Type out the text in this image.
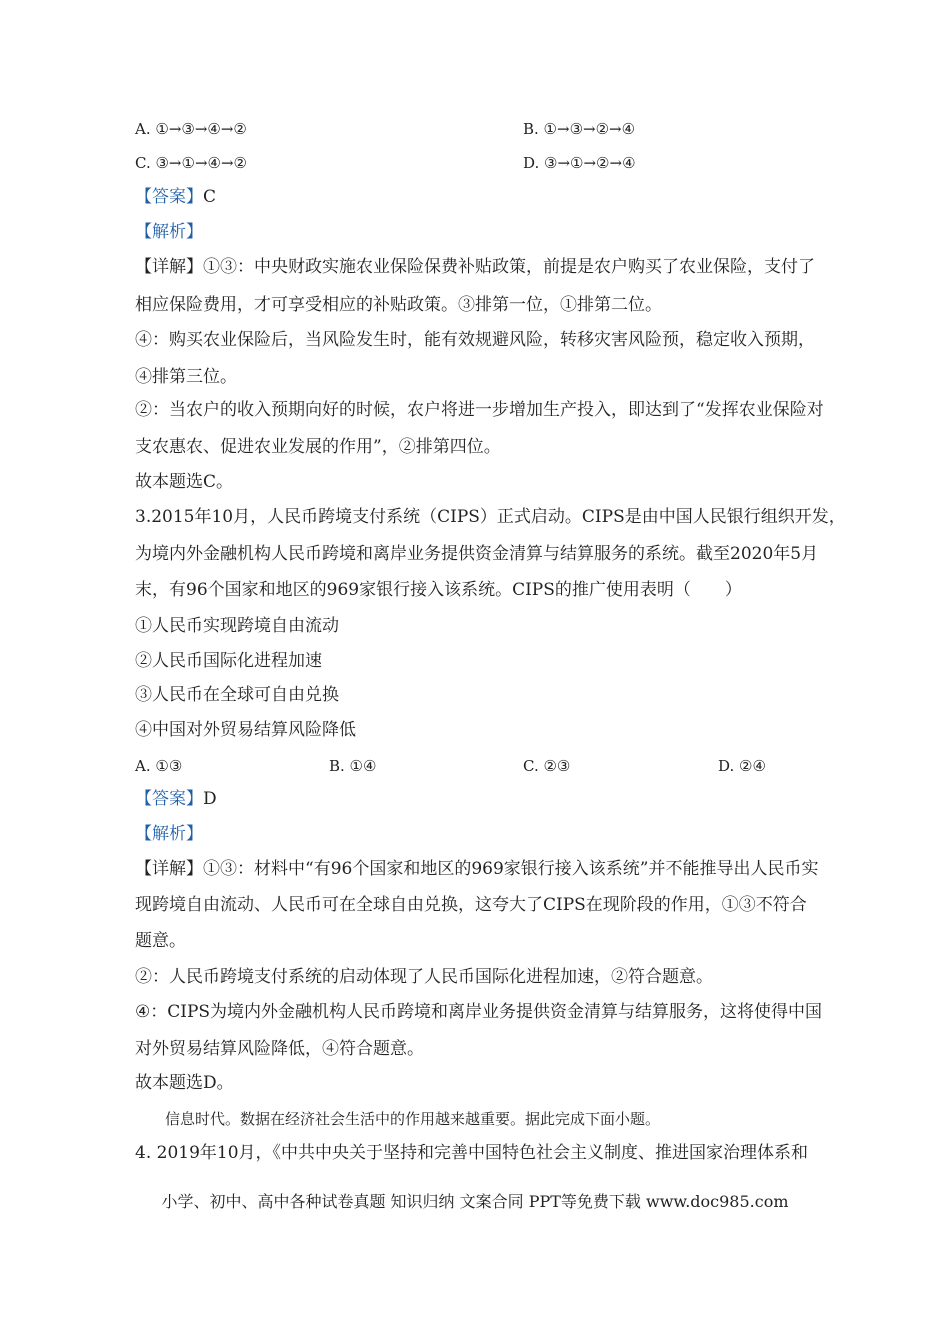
A. ①→③→④→②	B. ①→③→②→④
C. ③→①→④→②	D. ③→①→②→④
【答案】C
【解析】
【详解】①③：中央财政实施农业保险保费补贴政策，前提是农户购买了农业保险，支付了
相应保险费用，才可享受相应的补贴政策。③排第一位，①排第二位。
④：购买农业保险后，当风险发生时，能有效规避风险，转移灾害风险预，稳定收入预期，
④排第三位。
②：当农户的收入预期向好的时候，农户将进一步增加生产投入，即达到了“发挥农业保险对
支农惠农、促进农业发展的作用”，②排第四位。
故本题选C。
3.2015年10月，人民币跨境支付系统（CIPS）正式启动。CIPS是由中国人民银行组织开发，
为境内外金融机构人民币跨境和离岸业务提供资金清算与结算服务的系统。截至2020年5月
末，有96个国家和地区的969家银行接入该系统。CIPS的推广使用表明（　　）
①人民币实现跨境自由流动
②人民币国际化进程加速
③人民币在全球可自由兑换
④中国对外贸易结算风险降低
A. ①③	B. ①④	C. ②③	D. ②④
【答案】D
【解析】
【详解】①③：材料中“有96个国家和地区的969家银行接入该系统”并不能推导出人民币实
现跨境自由流动、人民币可在全球自由兑换，这夸大了CIPS在现阶段的作用，①③不符合
题意。
②：人民币跨境支付系统的启动体现了人民币国际化进程加速，②符合题意。
④：CIPS为境内外金融机构人民币跨境和离岸业务提供资金清算与结算服务，这将使得中国
对外贸易结算风险降低，④符合题意。
故本题选D。
信息时代。数据在经济社会生活中的作用越来越重要。据此完成下面小题。
4. 2019年10月，《中共中央关于坚持和完善中国特色社会主义制度、推进国家治理体系和
小学、初中、高中各种试卷真题 知识归纳 文案合同 PPT等免费下载 www.doc985.com
